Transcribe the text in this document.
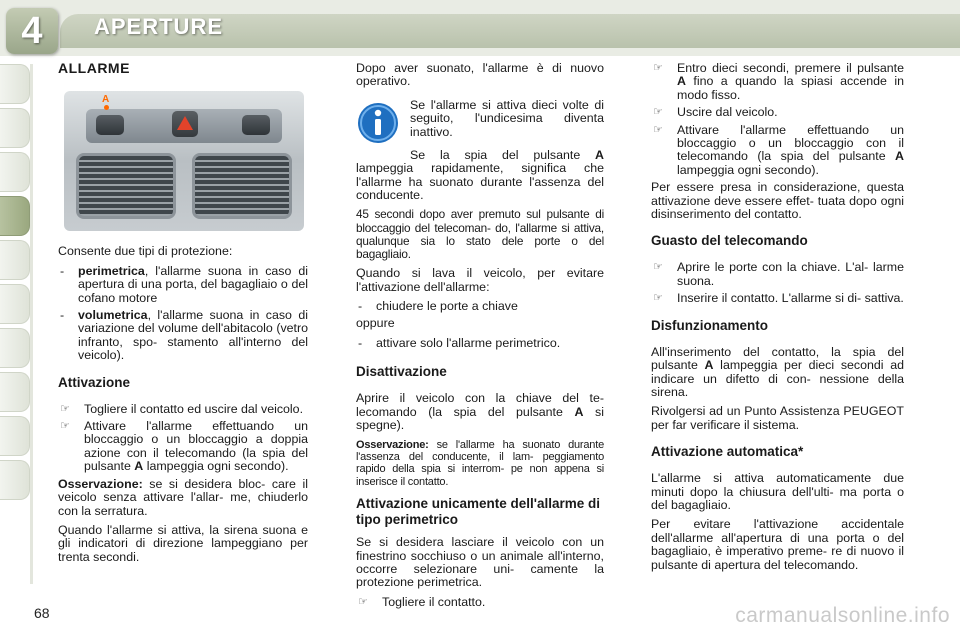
4	APERTURE
ALLARME
A

Consente due tipi di protezione:

- perimetrica, l'allarme suona in caso di apertura di una porta, del bagagliaio o del cofano motore
- volumetrica, l'allarme suona in caso di variazione del volume dell'abitacolo (vetro infranto, spo- stamento all'interno del veicolo).
Attivazione
☞ Togliere il contatto ed uscire dal veicolo.
☞ Attivare l'allarme effettuando un bloccaggio o un bloccaggio a doppia azione con il telecomando (la spia del pulsante A lampeggia ogni secondo).

Osservazione: se si desidera bloc- care il veicolo senza attivare l'allar- me, chiuderlo con la serratura.

Quando l'allarme si attiva, la sirena suona e gli indicatori di direzione lampeggiano per trenta secondi.

Dopo aver suonato, l'allarme è di nuovo operativo.

Se l'allarme si attiva dieci volte di seguito, l'undicesima diventa inattivo.

Se la spia del pulsante A lampeggia rapidamente, significa che l'allarme ha suonato durante l'assenza del conducente.

45 secondi dopo aver premuto sul pulsante di bloccaggio del telecoman- do, l'allarme si attiva, qualunque sia lo stato dele porte o del bagagliaio.

Quando si lava il veicolo, per evitare l'attivazione dell'allarme:

- chiudere le porte a chiave

oppure

- attivare solo l'allarme perimetrico.
Disattivazione

Aprire il veicolo con la chiave del te- lecomando (la spia del pulsante A si spegne).

Osservazione: se l'allarme ha suonato durante l'assenza del conducente, il lam- peggiamento rapido della spia si interrom- pe non appena si inserisce il contatto.

Attivazione unicamente dell'allarme di tipo perimetrico

Se si desidera lasciare il veicolo con un finestrino socchiuso o un animale all'interno, occorre selezionare uni- camente la protezione perimetrica.

☞ Togliere il contatto.
☞ Entro dieci secondi, premere il pulsante A fino a quando la spiasi accende in modo fisso.
☞ Uscire dal veicolo.
☞ Attivare l'allarme effettuando un bloccaggio o un bloccaggio con il telecomando (la spia del pulsante A lampeggia ogni secondo).

Per essere presa in considerazione, questa attivazione deve essere effet- tuata dopo ogni disinserimento del contatto.

Guasto del telecomando
☞ Aprire le porte con la chiave. L'al- larme suona.
☞ Inserire il contatto. L'allarme si di- sattiva.
Disfunzionamento

All'inserimento del contatto, la spia del pulsante A lampeggia per dieci secondi ad indicare un difetto di con- nessione della sirena.

Rivolgersi ad un Punto Assistenza PEUGEOT per far verificare il sistema.

Attivazione automatica*

L'allarme si attiva automaticamente due minuti dopo la chiusura dell'ulti- ma porta o del bagagliaio.

Per evitare l'attivazione accidentale dell'allarme all'apertura di una porta o del bagagliaio, è imperativo preme- re di nuovo il pulsante di apertura del telecomando.

68	carmanualsonline.info
